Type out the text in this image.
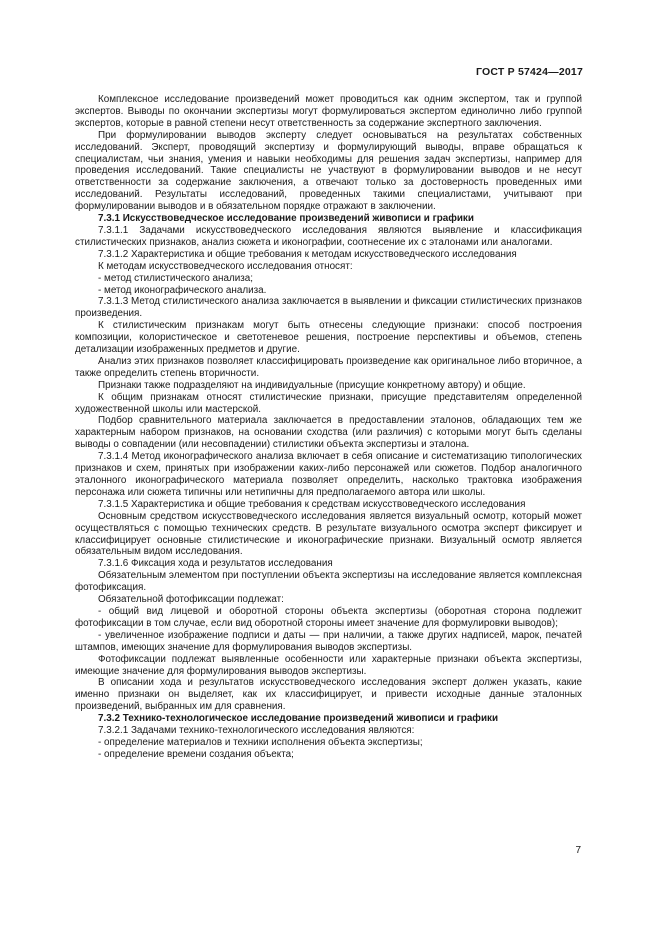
ГОСТ Р 57424—2017

Комплексное исследование произведений может проводиться как одним экспертом, так и группой экспертов. Выводы по окончании экспертизы могут формулироваться экспертом единолично либо группой экспертов, которые в равной степени несут ответственность за содержание экспертного заключения.

При формулировании выводов эксперту следует основываться на результатах собственных исследований. Эксперт, проводящий экспертизу и формулирующий выводы, вправе обращаться к специалистам, чьи знания, умения и навыки необходимы для решения задач экспертизы, например для проведения исследований. Такие специалисты не участвуют в формулировании выводов и не несут ответственности за содержание заключения, а отвечают только за достоверность проведенных ими исследований. Результаты исследований, проведенных такими специалистами, учитывают при формулировании выводов и в обязательном порядке отражают в заключении.

7.3.1 Искусствоведческое исследование произведений живописи и графики

7.3.1.1 Задачами искусствоведческого исследования являются выявление и классификация стилистических признаков, анализ сюжета и иконографии, соотнесение их с эталонами или аналогами.

7.3.1.2 Характеристика и общие требования к методам искусствоведческого исследования

К методам искусствоведческого исследования относят:

- метод стилистического анализа;

- метод иконографического анализа.

7.3.1.3 Метод стилистического анализа заключается в выявлении и фиксации стилистических признаков произведения.

К стилистическим признакам могут быть отнесены следующие признаки: способ построения композиции, колористическое и светотеневое решения, построение перспективы и объемов, степень детализации изображенных предметов и другие.

Анализ этих признаков позволяет классифицировать произведение как оригинальное либо вторичное, а также определить степень вторичности.

Признаки также подразделяют на индивидуальные (присущие конкретному автору) и общие.

К общим признакам относят стилистические признаки, присущие представителям определенной художественной школы или мастерской.

Подбор сравнительного материала заключается в предоставлении эталонов, обладающих тем же характерным набором признаков, на основании сходства (или различия) с которыми могут быть сделаны выводы о совпадении (или несовпадении) стилистики объекта экспертизы и эталона.

7.3.1.4 Метод иконографического анализа включает в себя описание и систематизацию типологических признаков и схем, принятых при изображении каких-либо персонажей или сюжетов. Подбор аналогичного эталонного иконографического материала позволяет определить, насколько трактовка изображения персонажа или сюжета типичны или нетипичны для предполагаемого автора или школы.

7.3.1.5 Характеристика и общие требования к средствам искусствоведческого исследования

Основным средством искусствоведческого исследования является визуальный осмотр, который может осуществляться с помощью технических средств. В результате визуального осмотра эксперт фиксирует и классифицирует основные стилистические и иконографические признаки. Визуальный осмотр является обязательным видом исследования.

7.3.1.6 Фиксация хода и результатов исследования

Обязательным элементом при поступлении объекта экспертизы на исследование является комплексная фотофиксация.

Обязательной фотофиксации подлежат:

- общий вид лицевой и оборотной стороны объекта экспертизы (оборотная сторона подлежит фотофиксации в том случае, если вид оборотной стороны имеет значение для формулировки выводов);

- увеличенное изображение подписи и даты — при наличии, а также других надписей, марок, печатей штампов, имеющих значение для формулирования выводов экспертизы.

Фотофиксации подлежат выявленные особенности или характерные признаки объекта экспертизы, имеющие значение для формулирования выводов экспертизы.

В описании хода и результатов искусствоведческого исследования эксперт должен указать, какие именно признаки он выделяет, как их классифицирует, и привести исходные данные эталонных произведений, выбранных им для сравнения.

7.3.2 Технико-технологическое исследование произведений живописи и графики

7.3.2.1 Задачами технико-технологического исследования являются:

- определение материалов и техники исполнения объекта экспертизы;

- определение времени создания объекта;

7
